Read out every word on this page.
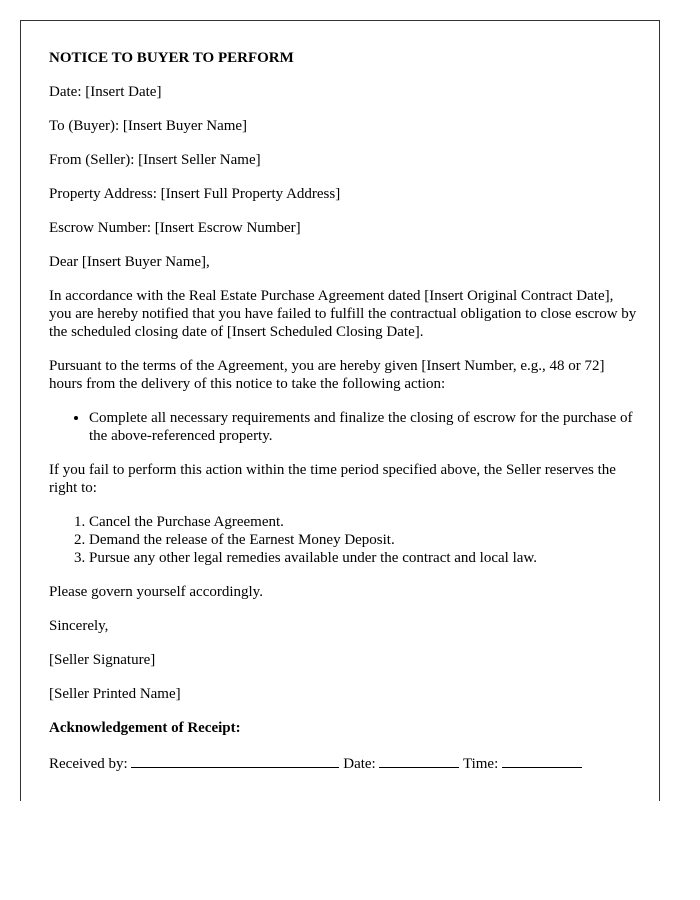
NOTICE TO BUYER TO PERFORM

Date: [Insert Date]

To (Buyer): [Insert Buyer Name]

From (Seller): [Insert Seller Name]

Property Address: [Insert Full Property Address]

Escrow Number: [Insert Escrow Number]

Dear [Insert Buyer Name],

In accordance with the Real Estate Purchase Agreement dated [Insert Original Contract Date], you are hereby notified that you have failed to fulfill the contractual obligation to close escrow by the scheduled closing date of [Insert Scheduled Closing Date].

Pursuant to the terms of the Agreement, you are hereby given [Insert Number, e.g., 48 or 72] hours from the delivery of this notice to take the following action:

• Complete all necessary requirements and finalize the closing of escrow for the purchase of the above-referenced property.

If you fail to perform this action within the time period specified above, the Seller reserves the right to:

1. Cancel the Purchase Agreement.
2. Demand the release of the Earnest Money Deposit.
3. Pursue any other legal remedies available under the contract and local law.

Please govern yourself accordingly.

Sincerely,

[Seller Signature]

[Seller Printed Name]

Acknowledgement of Receipt:
Received by:	Date:	Time:
